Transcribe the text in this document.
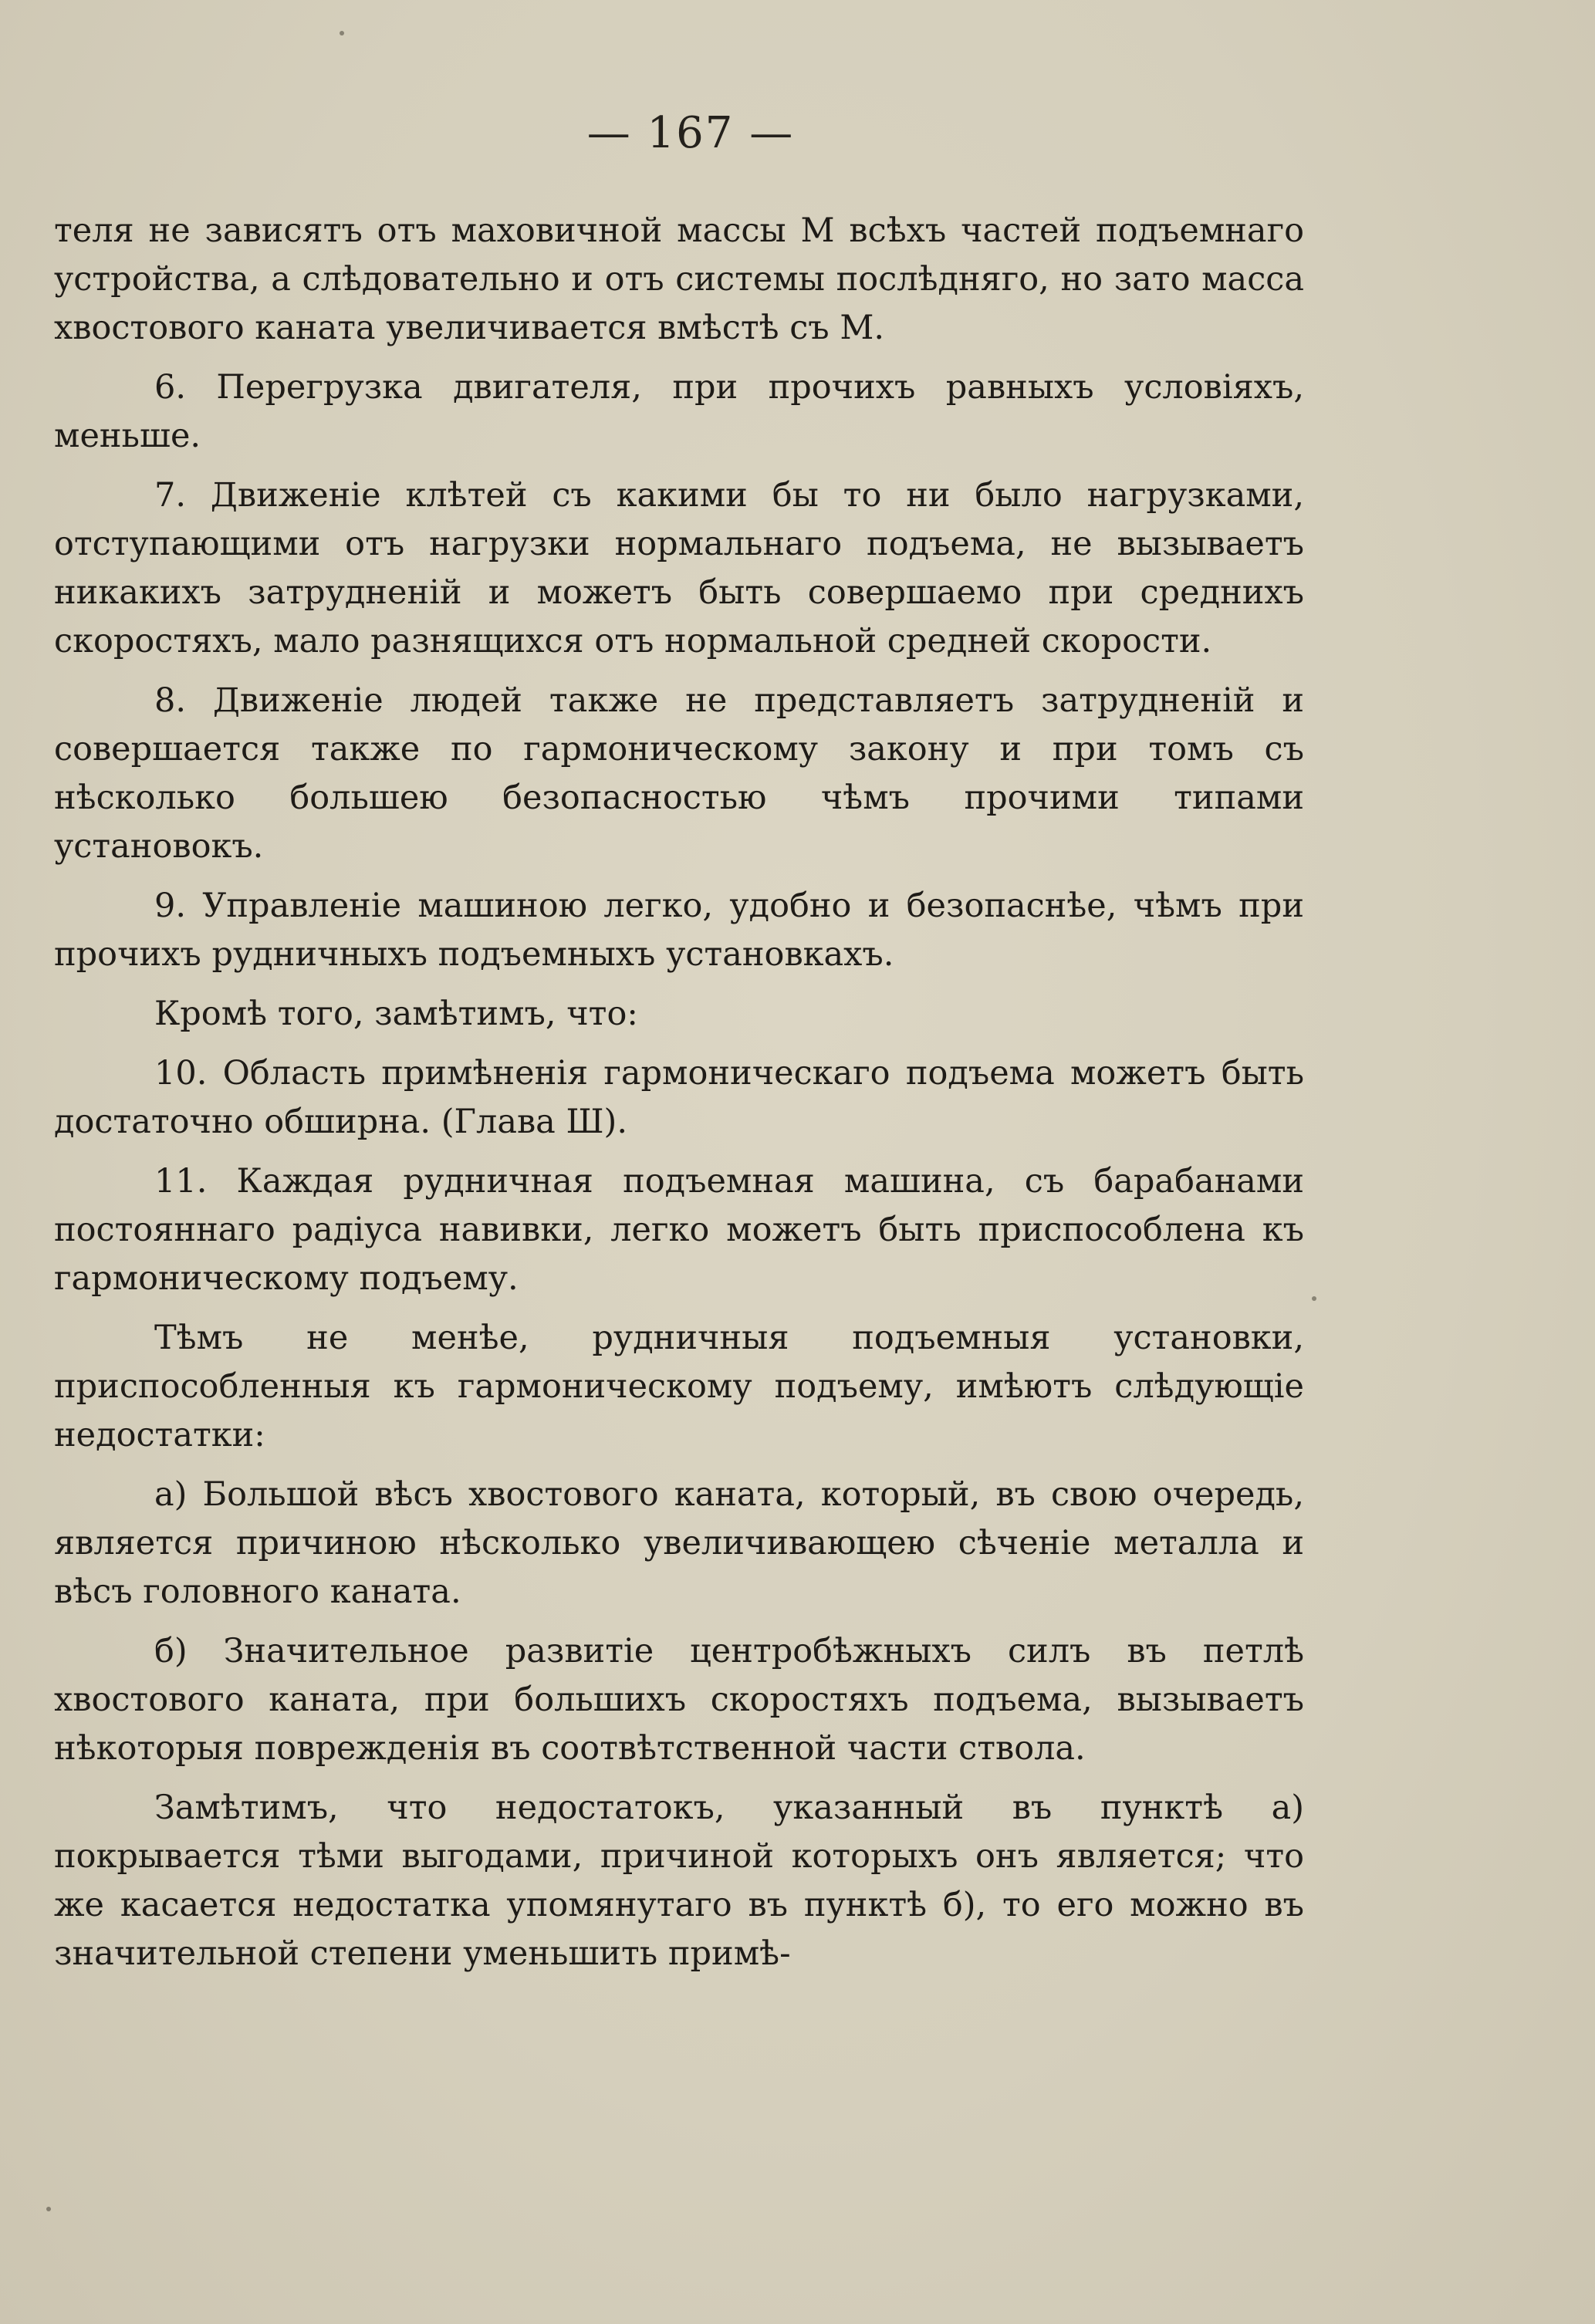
— 167 —

теля не зависятъ отъ маховичной массы M всѣхъ частей подъемнаго устройства, а слѣдовательно и отъ системы послѣдняго, но зато масса хвостового каната увеличивается вмѣстѣ съ M.

6. Перегрузка двигателя, при прочихъ равныхъ условіяхъ, меньше.

7. Движеніе клѣтей съ какими бы то ни было нагрузками, отступающими отъ нагрузки нормальнаго подъема, не вызываетъ никакихъ затрудненій и можетъ быть совершаемо при среднихъ скоростяхъ, мало разнящихся отъ нормальной средней скорости.

8. Движеніе людей также не представляетъ затрудненій и совершается также по гармоническому закону и при томъ съ нѣсколько большею безопасностью чѣмъ прочими типами установокъ.

9. Управленіе машиною легко, удобно и безопаснѣе, чѣмъ при прочихъ рудничныхъ подъемныхъ установкахъ.

Кромѣ того, замѣтимъ, что:

10. Область примѣненія гармоническаго подъема можетъ быть достаточно обширна. (Глава Ш).

11. Каждая рудничная подъемная машина, съ барабанами постояннаго радіуса навивки, легко можетъ быть приспособлена къ гармоническому подъему.

Тѣмъ не менѣе, рудничныя подъемныя установки, приспособленныя къ гармоническому подъему, имѣютъ слѣдующіе недостатки:

а) Большой вѣсъ хвостового каната, который, въ свою очередь, является причиною нѣсколько увеличивающею сѣченіе металла и вѣсъ головного каната.

б) Значительное развитіе центробѣжныхъ силъ въ петлѣ хвостового каната, при большихъ скоростяхъ подъема, вызываетъ нѣкоторыя поврежденія въ соотвѣтственной части ствола.

Замѣтимъ, что недостатокъ, указанный въ пунктѣ а) покрывается тѣми выгодами, причиной которыхъ онъ является; что же касается недостатка упомянутаго въ пунктѣ б), то его можно въ значительной степени уменьшить примѣ-
